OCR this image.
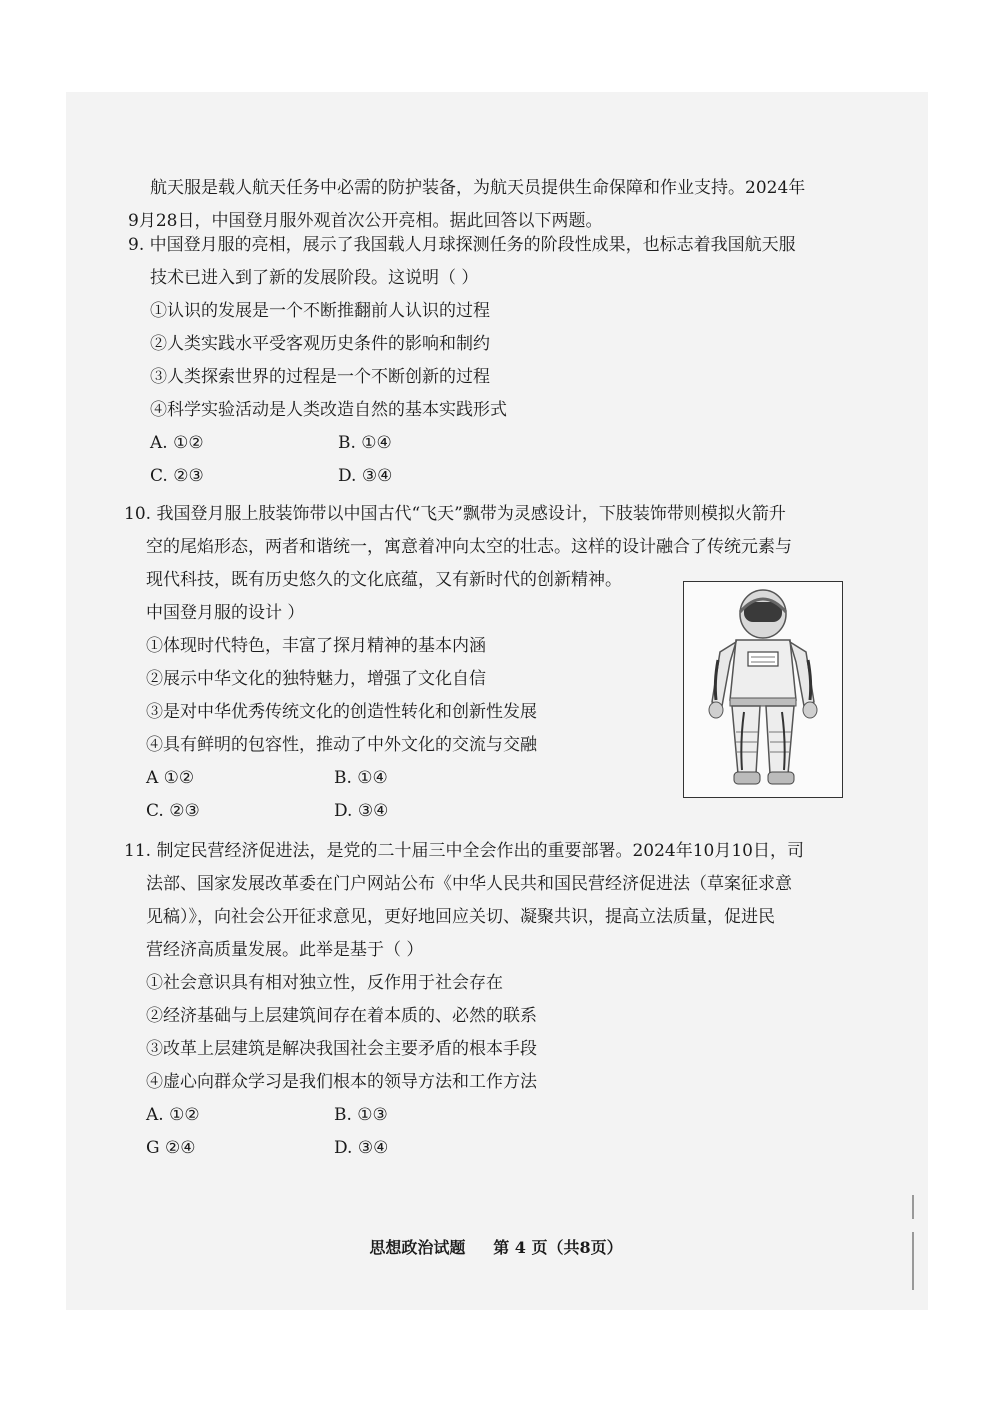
航天服是载人航天任务中必需的防护装备，为航天员提供生命保障和作业支持。2024年
9月28日，中国登月服外观首次公开亮相。据此回答以下两题。
9. 中国登月服的亮相，展示了我国载人月球探测任务的阶段性成果，也标志着我国航天服
技术已进入到了新的发展阶段。这说明（ ）
①认识的发展是一个不断推翻前人认识的过程
②人类实践水平受客观历史条件的影响和制约
③人类探索世界的过程是一个不断创新的过程
④科学实验活动是人类改造自然的基本实践形式
A. ①②	B. ①④
C. ②③	D. ③④
10. 我国登月服上肢装饰带以中国古代“飞天”飘带为灵感设计，下肢装饰带则模拟火箭升
空的尾焰形态，两者和谐统一，寓意着冲向太空的壮志。这样的设计融合了传统元素与
现代科技，既有历史悠久的文化底蕴，又有新时代的创新精神。
中国登月服的设计 ）
①体现时代特色，丰富了探月精神的基本内涵
②展示中华文化的独特魅力，增强了文化自信
③是对中华优秀传统文化的创造性转化和创新性发展
④具有鲜明的包容性，推动了中外文化的交流与交融
A ①②	B. ①④
C. ②③	D. ③④
11. 制定民营经济促进法，是党的二十届三中全会作出的重要部署。2024年10月10日，司
法部、国家发展改革委在门户网站公布《中华人民共和国民营经济促进法（草案征求意
见稿）》，向社会公开征求意见，更好地回应关切、凝聚共识，提高立法质量，促进民
营经济高质量发展。此举是基于（ ）
①社会意识具有相对独立性，反作用于社会存在
②经济基础与上层建筑间存在着本质的、必然的联系
③改革上层建筑是解决我国社会主要矛盾的根本手段
④虚心向群众学习是我们根本的领导方法和工作方法
A. ①②	B. ①③
G ②④	D. ③④
思想政治试题 第 4 页（共8页）
